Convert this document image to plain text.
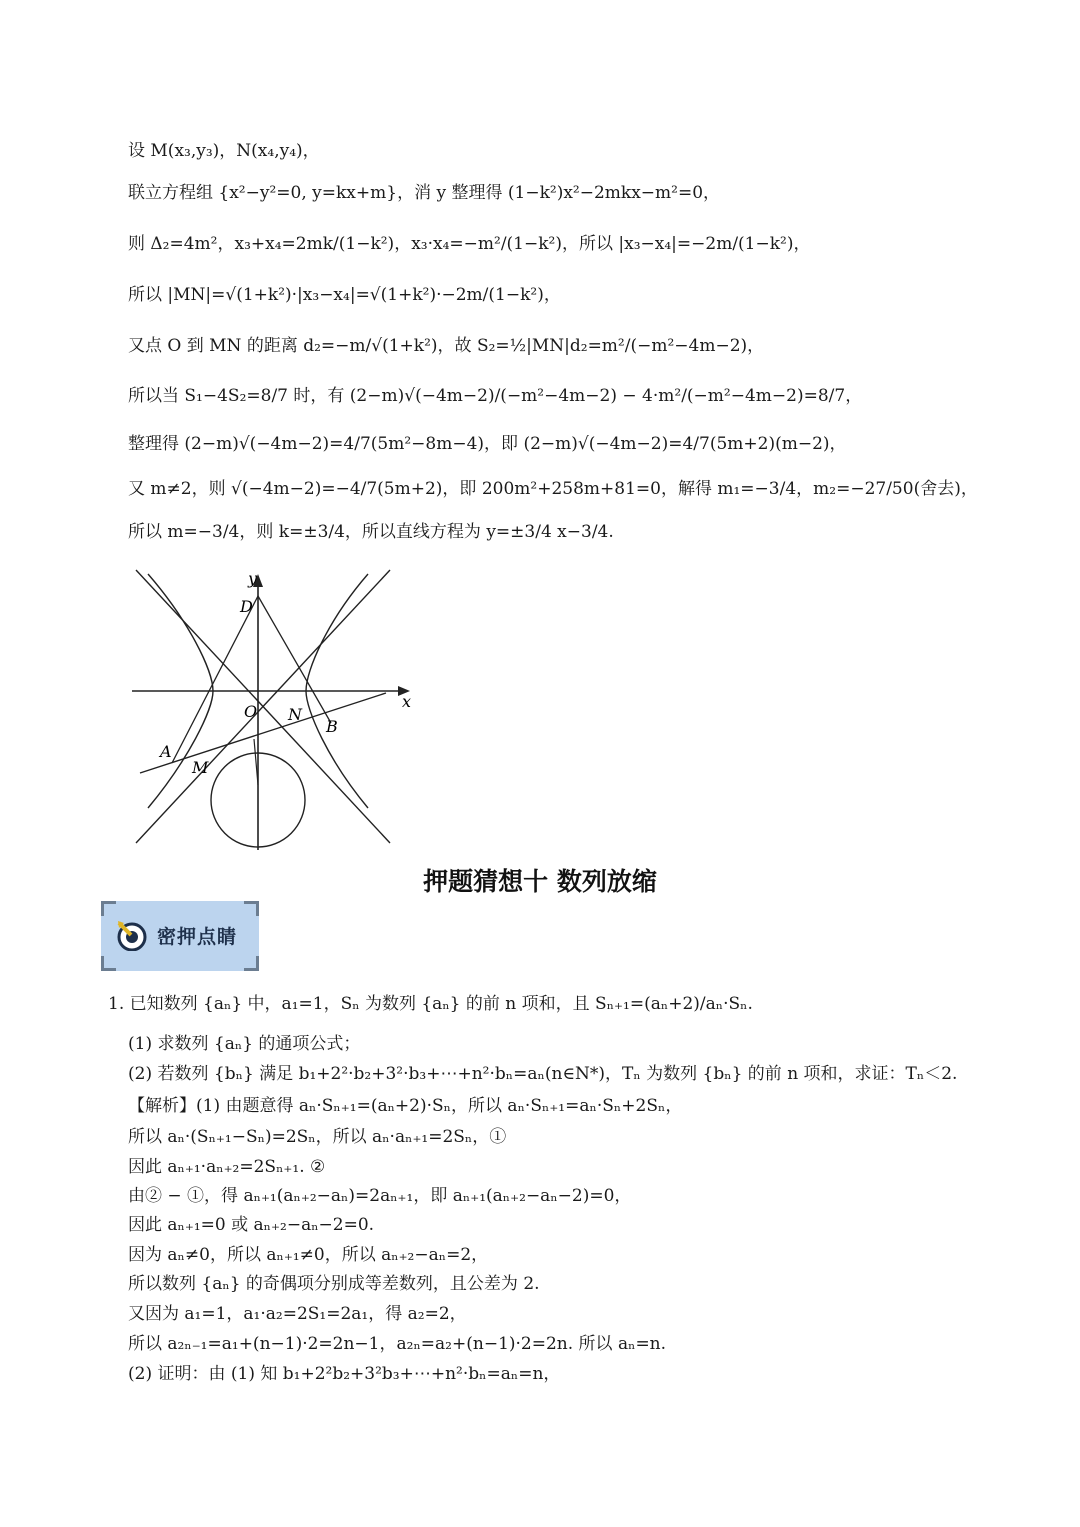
设 M(x₃,y₃)，N(x₄,y₄)，
联立方程组 {x²−y²=0, y=kx+m}，消 y 整理得 (1−k²)x²−2mkx−m²=0，
则 Δ₂=4m²，x₃+x₄=2mk/(1−k²)，x₃·x₄=−m²/(1−k²)，所以 |x₃−x₄|=−2m/(1−k²)，
所以 |MN|=√(1+k²)·|x₃−x₄|=√(1+k²)·−2m/(1−k²)，
又点 O 到 MN 的距离 d₂=−m/√(1+k²)，故 S₂=½|MN|d₂=m²/(−m²−4m−2)，
所以当 S₁−4S₂=8/7 时，有 (2−m)√(−4m−2)/(−m²−4m−2) − 4·m²/(−m²−4m−2)=8/7，
整理得 (2−m)√(−4m−2)=4/7(5m²−8m−4)，即 (2−m)√(−4m−2)=4/7(5m+2)(m−2)，
又 m≠2，则 √(−4m−2)=−4/7(5m+2)，即 200m²+258m+81=0，解得 m₁=−3/4，m₂=−27/50(舍去)，
所以 m=−3/4，则 k=±3/4，所以直线方程为 y=±3/4 x−3/4.
y
x
D
O N
B
A
M
押题猜想十 数列放缩
密押点睛
1. 已知数列 {aₙ} 中，a₁=1，Sₙ 为数列 {aₙ} 的前 n 项和，且 Sₙ₊₁=(aₙ+2)/aₙ·Sₙ.
(1) 求数列 {aₙ} 的通项公式；
(2) 若数列 {bₙ} 满足 b₁+2²·b₂+3²·b₃+⋯+n²·bₙ=aₙ(n∈N*)，Tₙ 为数列 {bₙ} 的前 n 项和，求证：Tₙ＜2.
【解析】(1) 由题意得 aₙ·Sₙ₊₁=(aₙ+2)·Sₙ，所以 aₙ·Sₙ₊₁=aₙ·Sₙ+2Sₙ，
所以 aₙ·(Sₙ₊₁−Sₙ)=2Sₙ，所以 aₙ·aₙ₊₁=2Sₙ，①
因此 aₙ₊₁·aₙ₊₂=2Sₙ₊₁. ②
由② − ①，得 aₙ₊₁(aₙ₊₂−aₙ)=2aₙ₊₁，即 aₙ₊₁(aₙ₊₂−aₙ−2)=0，
因此 aₙ₊₁=0 或 aₙ₊₂−aₙ−2=0.
因为 aₙ≠0，所以 aₙ₊₁≠0，所以 aₙ₊₂−aₙ=2，
所以数列 {aₙ} 的奇偶项分别成等差数列，且公差为 2.
又因为 a₁=1，a₁·a₂=2S₁=2a₁，得 a₂=2，
所以 a₂ₙ₋₁=a₁+(n−1)·2=2n−1，a₂ₙ=a₂+(n−1)·2=2n. 所以 aₙ=n.
(2) 证明：由 (1) 知 b₁+2²b₂+3²b₃+⋯+n²·bₙ=aₙ=n，
